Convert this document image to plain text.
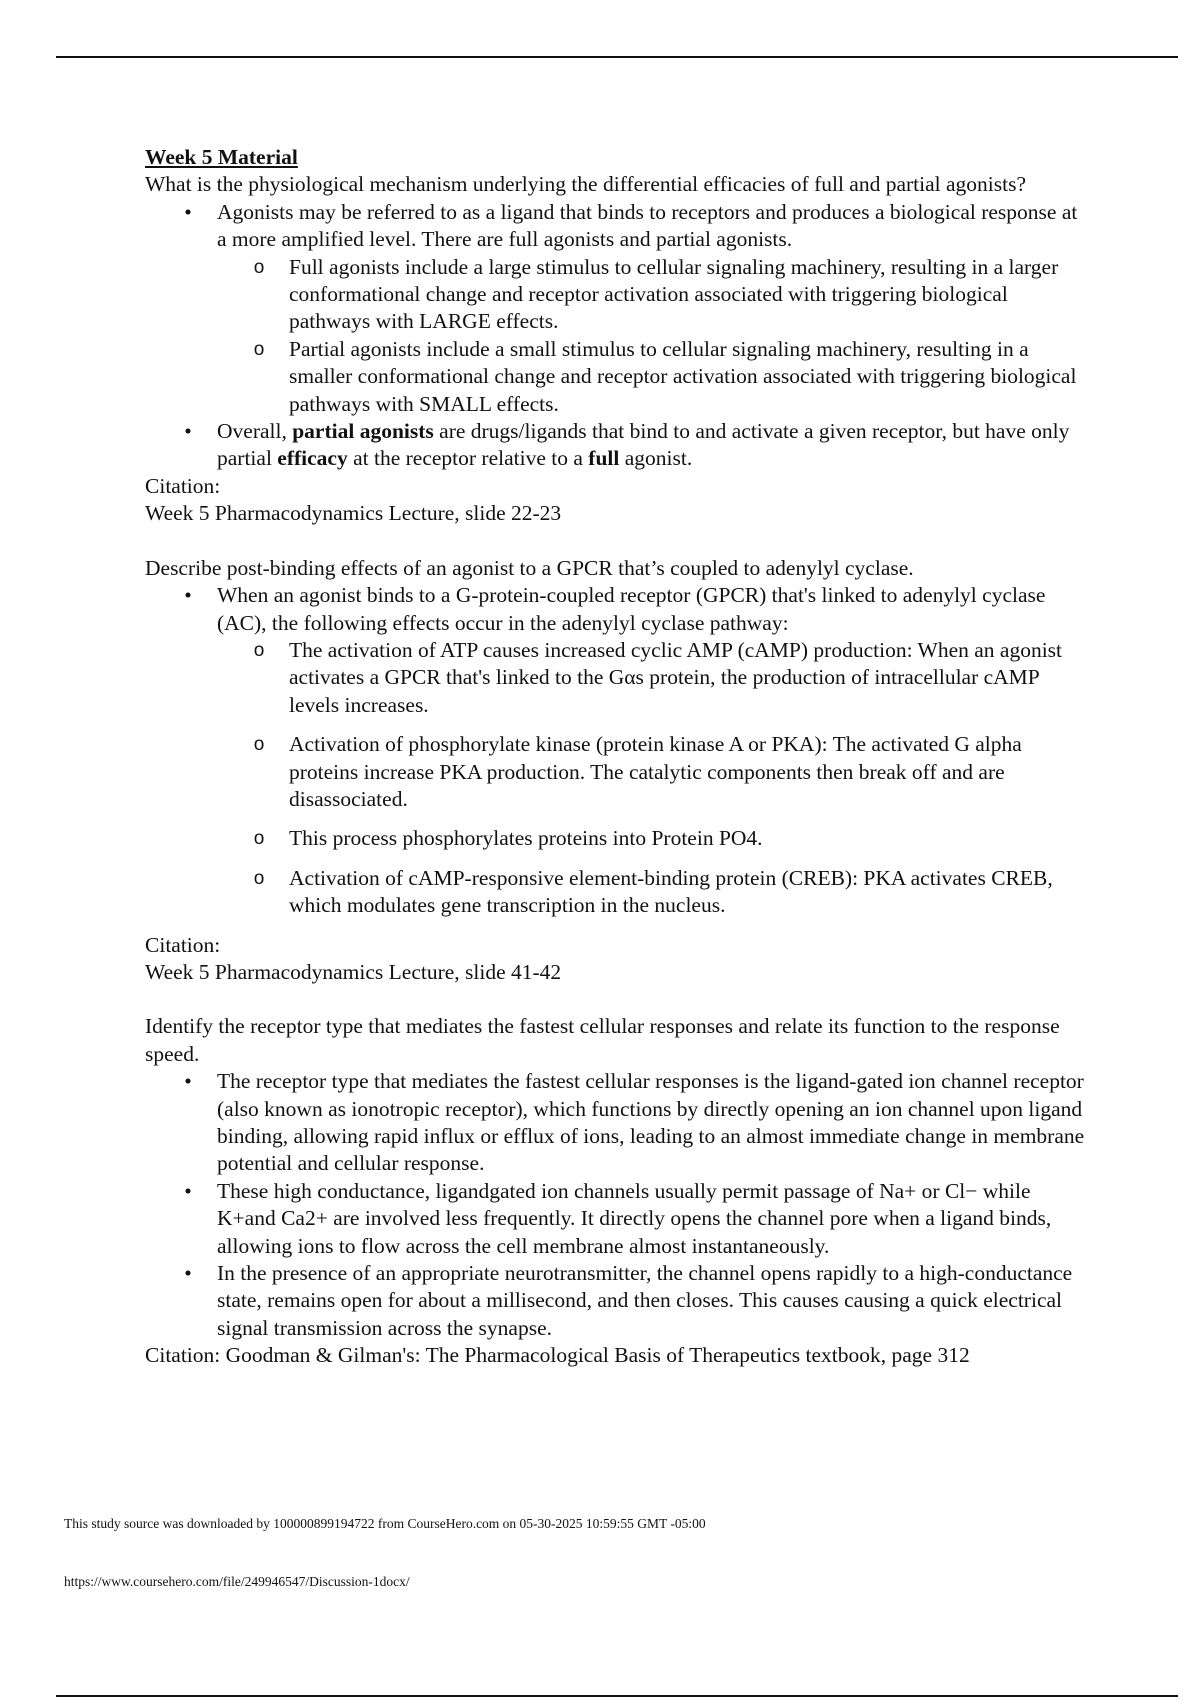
Week 5 Material
What is the physiological mechanism underlying the differential efficacies of full and partial agonists?
• Agonists may be referred to as a ligand that binds to receptors and produces a biological response at a more amplified level. There are full agonists and partial agonists.
o Full agonists include a large stimulus to cellular signaling machinery, resulting in a larger conformational change and receptor activation associated with triggering biological pathways with LARGE effects.
o Partial agonists include a small stimulus to cellular signaling machinery, resulting in a smaller conformational change and receptor activation associated with triggering biological pathways with SMALL effects.
• Overall, partial agonists are drugs/ligands that bind to and activate a given receptor, but have only partial efficacy at the receptor relative to a full agonist.
Citation:
Week 5 Pharmacodynamics Lecture, slide 22-23
Describe post-binding effects of an agonist to a GPCR that’s coupled to adenylyl cyclase.
• When an agonist binds to a G-protein-coupled receptor (GPCR) that's linked to adenylyl cyclase (AC), the following effects occur in the adenylyl cyclase pathway:
o The activation of ATP causes increased cyclic AMP (cAMP) production: When an agonist activates a GPCR that's linked to the Gαs protein, the production of intracellular cAMP levels increases.
o Activation of phosphorylate kinase (protein kinase A or PKA): The activated G alpha proteins increase PKA production. The catalytic components then break off and are disassociated.
o This process phosphorylates proteins into Protein PO4.
o Activation of cAMP-responsive element-binding protein (CREB): PKA activates CREB, which modulates gene transcription in the nucleus.
Citation:
Week 5 Pharmacodynamics Lecture, slide 41-42
Identify the receptor type that mediates the fastest cellular responses and relate its function to the response speed.
• The receptor type that mediates the fastest cellular responses is the ligand-gated ion channel receptor (also known as ionotropic receptor), which functions by directly opening an ion channel upon ligand binding, allowing rapid influx or efflux of ions, leading to an almost immediate change in membrane potential and cellular response.
• These high conductance, ligandgated ion channels usually permit passage of Na+ or Cl− while K+and Ca2+ are involved less frequently. It directly opens the channel pore when a ligand binds, allowing ions to flow across the cell membrane almost instantaneously.
• In the presence of an appropriate neurotransmitter, the channel opens rapidly to a high-conductance state, remains open for about a millisecond, and then closes. This causes causing a quick electrical signal transmission across the synapse.
Citation: Goodman & Gilman's: The Pharmacological Basis of Therapeutics textbook, page 312
This study source was downloaded by 100000899194722 from CourseHero.com on 05-30-2025 10:59:55 GMT -05:00
https://www.coursehero.com/file/249946547/Discussion-1docx/
